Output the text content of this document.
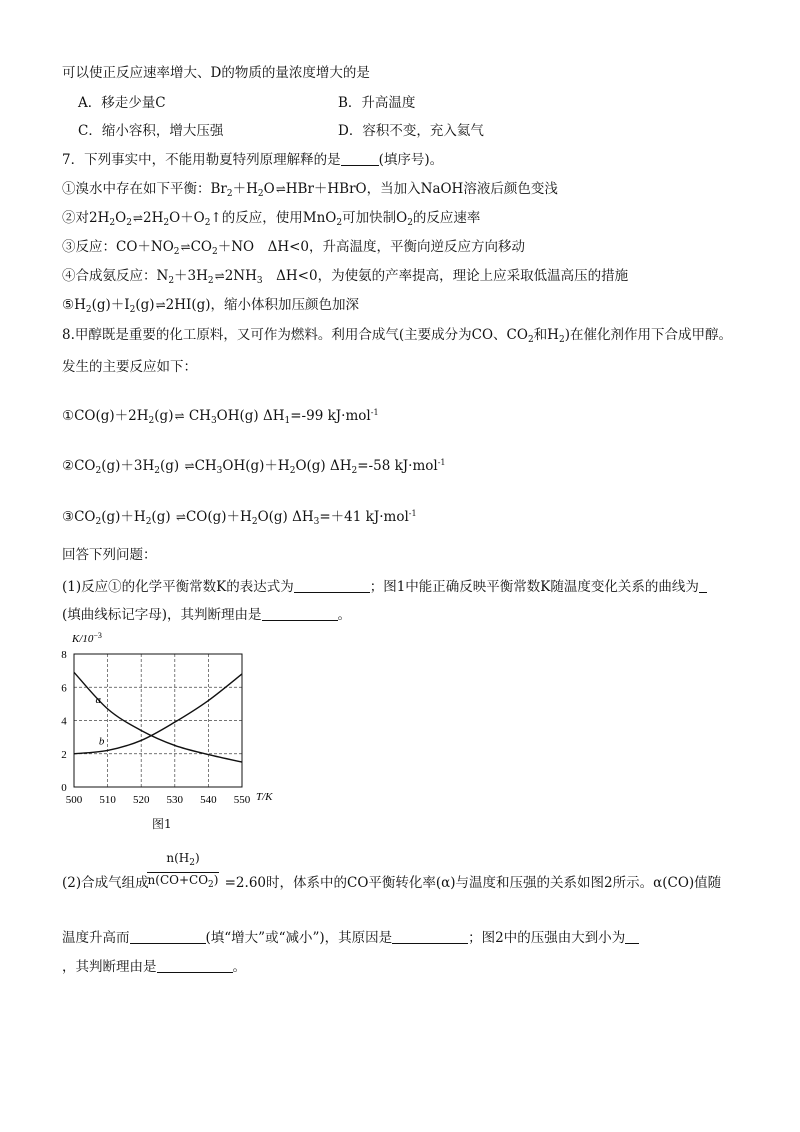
可以使正反应速率增大、D的物质的量浓度增大的是
A．移走少量C	B．升高温度
C．缩小容积，增大压强	D．容积不变，充入氦气
7．下列事实中，不能用勒夏特列原理解释的是	(填序号)。
①溴水中存在如下平衡：$Br_2+H_2O\rightleftharpoons HBr+HBrO$，当加入NaOH溶液后颜色变浅
②对$2H_2O_2\rightleftharpoons 2H_2O+O_2↑$的反应，使用MnO$_2$可加快制$O_2$的反应速率
③反应：$CO+NO_2\rightleftharpoons CO_2+NO$　ΔH<0，升高温度，平衡向逆反应方向移动
④合成氨反应：$N_2+3H_2\rightleftharpoons 2NH_3$　ΔH<0，为使氨的产率提高，理论上应采取低温高压的措施
$⑤H_2(g)+I_2(g)\rightleftharpoons 2HI(g)$，缩小体积加压颜色加深
8.甲醇既是重要的化工原料，又可作为燃料。利用合成气(主要成分为CO、$CO_2$和$H_2$)在催化剂作用下合成甲醇。
发生的主要反应如下：
$①CO(g)+2H_2(g)\rightleftharpoons$ $CH_3OH(g)$ $\Delta H_1=-99$ kJ·mol$^{-1}$
$②CO_2(g)+3H_2(g)$ $\rightleftharpoons CH_3OH(g)+H_2O(g)$ $\Delta H_2=-58$ kJ·mol$^{-1}$
$③CO_2(g)+H_2(g)$ $\rightleftharpoons CO(g)+H_2O(g)$ $\Delta H_3=+41$ kJ·mol$^{-1}$
回答下列问题：
(1)反应①的化学平衡常数K的表达式为	；图1中能正确反映平衡常数K随温度变化关系的曲线为
(填曲线标记字母)，其判断理由是	。
0
2
4
6
8
500 510 520 530 540 550
a
b
$K/10^{-3}$
T/K
图1
$\frac{n(H_2)}{n(CO+CO_2)}$
(2)合成气组成	=2.60时，体系中的CO平衡转化率(α)与温度和压强的关系如图2所示。α(CO)值随
温度升高而	(填“增大”或“减小”)，其原因是	；图2中的压强由大到小为
，其判断理由是	。
